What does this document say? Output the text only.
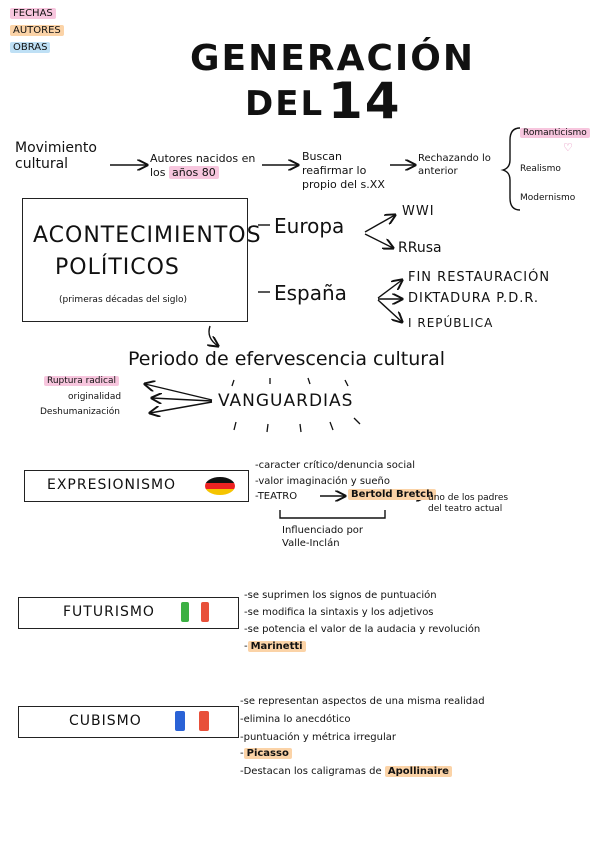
FECHAS
AUTORES
OBRAS	GENERACIÓN
DEL 14
Movimiento cultural	Autores nacidos en los años 80
Buscan reafirmar lo propio del s.XX
Rechazando lo anterior
Romanticismo
♡
Realismo
Modernismo
ACONTECIMIENTOS
POLÍTICOS
(primeras décadas del siglo)
Europa
WWI
RRusa
España
FIN RESTAURACIÓN
DIKTADURA P.D.R.
I REPÚBLICA
Periodo de efervescencia cultural
VANGUARDIAS
Ruptura radical
originalidad
Deshumanización
EXPRESIONISMO
-caracter crítico/denuncia social
-valor imaginación y sueño
-TEATRO	Bertold Bretch
uno de los padres del teatro actual
Influenciado por Valle-Inclán
FUTURISMO
-se suprimen los signos de puntuación
-se modifica la sintaxis y los adjetivos
-se potencia el valor de la audacia y revolución
- Marinetti
CUBISMO
-se representan aspectos de una misma realidad
-elimina lo anecdótico
-puntuación y métrica irregular
- Picasso
-Destacan los caligramas de Apollinaire
